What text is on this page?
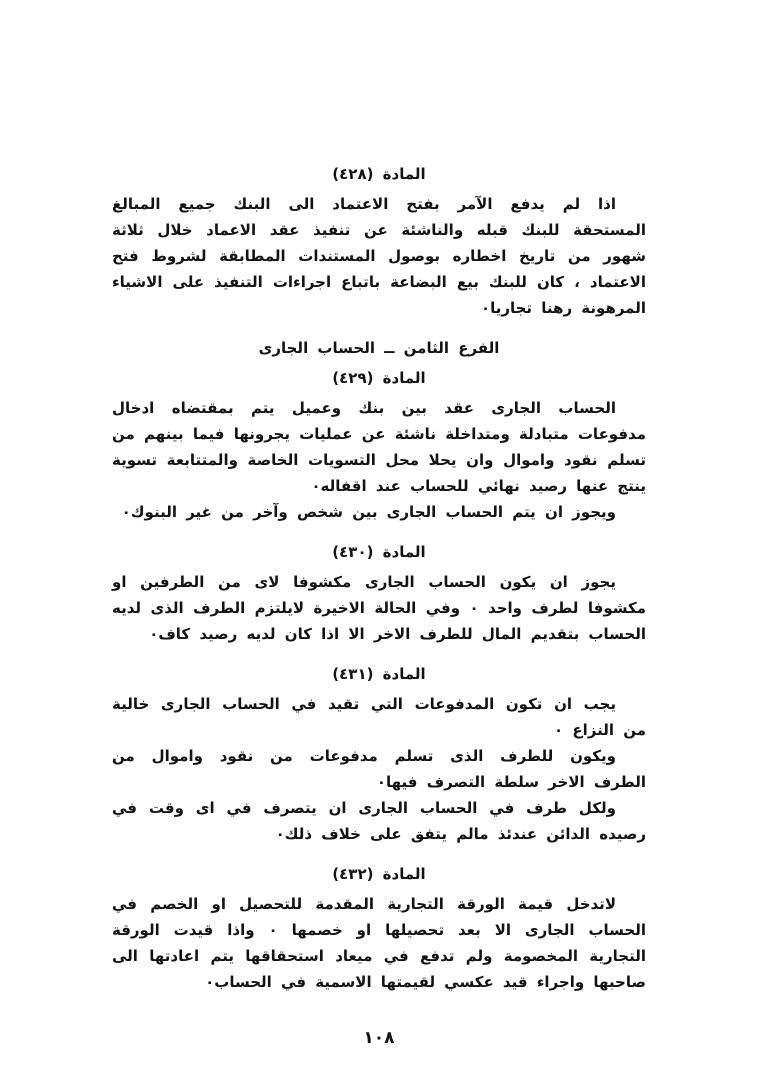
المادة (٤٢٨)

اذا لم يدفع الآمر بفتح الاعتماد الى البنك جميع المبالغ المستحقة للبنك قبله والناشئة عن تنفيذ عقد الاعماد خلال ثلاثة شهور من تاريخ اخطاره بوصول المستندات المطابقة لشروط فتح الاعتماد ، كان للبنك بيع البضاعة باتباع اجراءات التنفيذ على الاشياء المرهونة رهنا تجاريا٠

الفرع الثامن ــ الحساب الجارى
المادة (٤٢٩)

الحساب الجارى عقد بين بنك وعميل يتم بمقتضاه ادخال مدفوعات متبادلة ومتداخلة ناشئة عن عمليات يجرونها فيما بينهم من تسلم نقود واموال وان يحلا محل التسويات الخاصة والمتتابعة تسوية ينتج عنها رصيد نهائي للحساب عند اقفاله٠

ويجوز ان يتم الحساب الجارى بين شخص وآخر من غير البنوك٠

المادة (٤٣٠)

يجوز ان يكون الحساب الجارى مكشوفا لاى من الطرفين او مكشوفا لطرف واحد ٠ وفي الحالة الاخيرة لايلتزم الطرف الذى لديه الحساب بتقديم المال للطرف الاخر الا اذا كان لديه رصيد كاف٠

المادة (٤٣١)

يجب ان تكون المدفوعات التي تقيد في الحساب الجارى خالية من النزاع ٠

ويكون للطرف الذى تسلم مدفوعات من نقود واموال من الطرف الاخر سلطة التصرف فيها٠

ولكل طرف في الحساب الجارى ان يتصرف في اى وقت في رصيده الدائن عندئذ مالم يتفق على خلاف ذلك٠

المادة (٤٣٢)

لاتدخل قيمة الورقة التجارية المقدمة للتحصيل او الخصم في الحساب الجارى الا بعد تحصيلها او خصمها ٠ واذا قيدت الورقة التجارية المخصومة ولم تدفع في ميعاد استحقاقها يتم اعادتها الى صاحبها واجراء قيد عكسي لقيمتها الاسمية في الحساب٠

١٠٨
